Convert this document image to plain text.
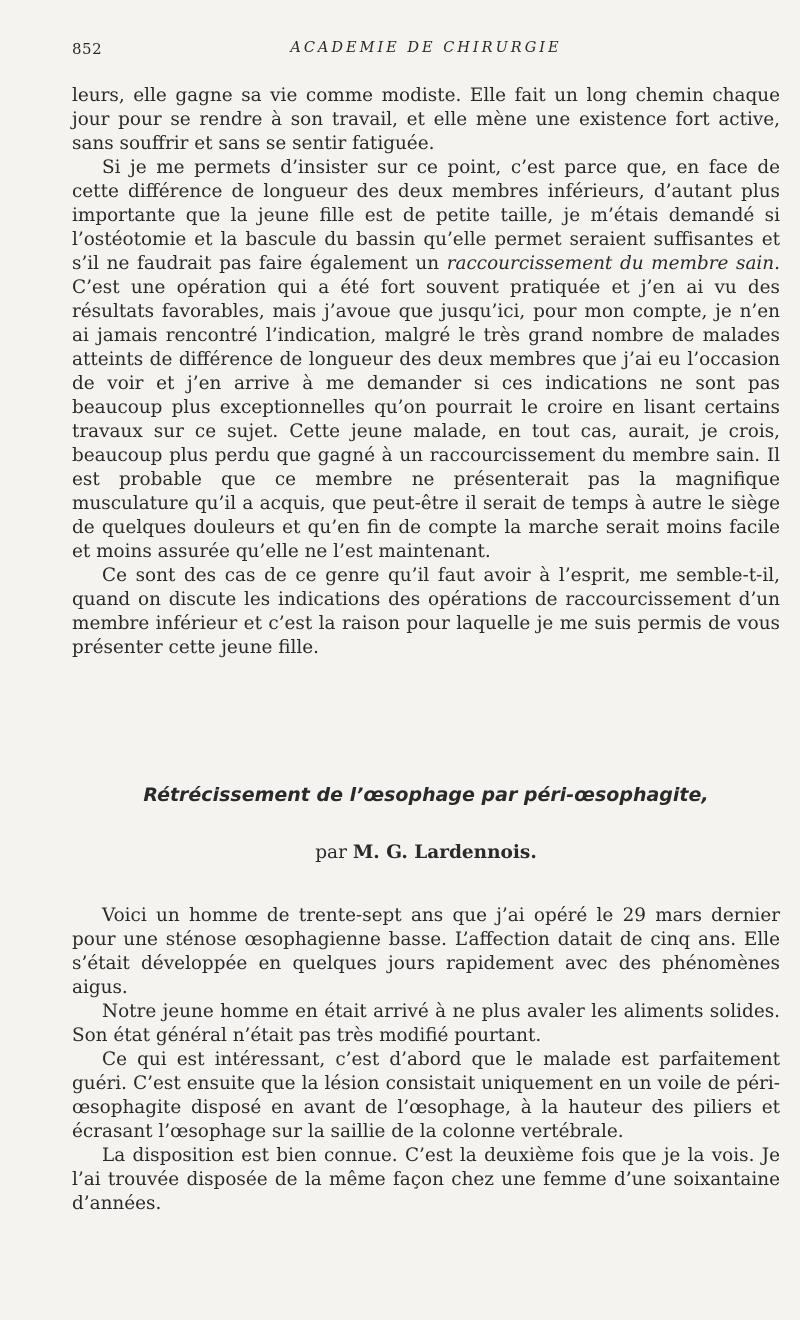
852	ACADEMIE DE CHIRURGIE

leurs, elle gagne sa vie comme modiste. Elle fait un long chemin chaque jour pour se rendre à son travail, et elle mène une existence fort active, sans souffrir et sans se sentir fatiguée.

Si je me permets d’insister sur ce point, c’est parce que, en face de cette différence de longueur des deux membres inférieurs, d’autant plus importante que la jeune fille est de petite taille, je m’étais demandé si l’ostéotomie et la bascule du bassin qu’elle permet seraient suffisantes et s’il ne faudrait pas faire également un raccourcissement du membre sain. C’est une opération qui a été fort souvent pratiquée et j’en ai vu des résultats favorables, mais j’avoue que jusqu’ici, pour mon compte, je n’en ai jamais rencontré l’indication, malgré le très grand nombre de malades atteints de différence de longueur des deux membres que j’ai eu l’occasion de voir et j’en arrive à me demander si ces indications ne sont pas beaucoup plus exceptionnelles qu’on pourrait le croire en lisant certains travaux sur ce sujet. Cette jeune malade, en tout cas, aurait, je crois, beaucoup plus perdu que gagné à un raccourcissement du membre sain. Il est probable que ce membre ne présenterait pas la magnifique musculature qu’il a acquis, que peut-être il serait de temps à autre le siège de quelques douleurs et qu’en fin de compte la marche serait moins facile et moins assurée qu’elle ne l’est maintenant.

Ce sont des cas de ce genre qu’il faut avoir à l’esprit, me semble-t-il, quand on discute les indications des opérations de raccourcissement d’un membre inférieur et c’est la raison pour laquelle je me suis permis de vous présenter cette jeune fille.

Rétrécissement de l’œsophage par péri-œsophagite,
par M. G. Lardennois.

Voici un homme de trente-sept ans que j’ai opéré le 29 mars dernier pour une sténose œsophagienne basse. L’affection datait de cinq ans. Elle s’était développée en quelques jours rapidement avec des phénomènes aigus.

Notre jeune homme en était arrivé à ne plus avaler les aliments solides. Son état général n’était pas très modifié pourtant.

Ce qui est intéressant, c’est d’abord que le malade est parfaitement guéri. C’est ensuite que la lésion consistait uniquement en un voile de péri-œsophagite disposé en avant de l’œsophage, à la hauteur des piliers et écrasant l’œsophage sur la saillie de la colonne vertébrale.

La disposition est bien connue. C’est la deuxième fois que je la vois. Je l’ai trouvée disposée de la même façon chez une femme d’une soixantaine d’années.
